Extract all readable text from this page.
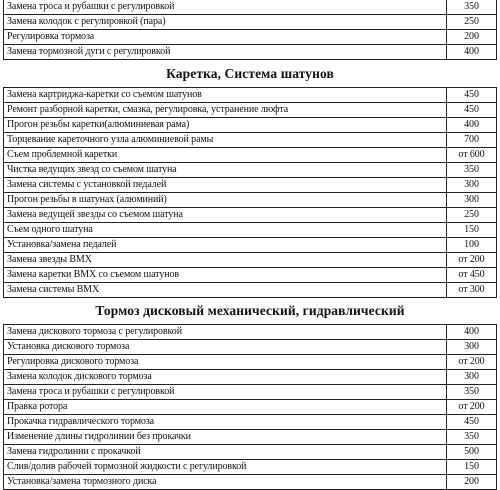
Замена троса и рубашки с регулировкой	350
Замена колодок с регулировкой (пара)	250
Регулировка тормоза	200
Замена тормозной дуги с регулировкой	400
Каретка, Система шатунов
Замена картриджа-каретки со съемом шатунов	450
Ремонт разборной каретки, смазка, регулировка, устранение люфта	450
Прогон резьбы каретки(алюминиевая рама)	400
Торцевание кареточного узла алюминиевой рамы	700
Съем проблемной каретки	от 600
Чистка ведущих звезд со съемом шатуна	350
Замена системы с установкой педалей	300
Прогон резьбы в шатунах (алюминий)	300
Замена ведущей звезды со съемом шатуна	250
Съем одного шатуна	150
Установка/замена педалей	100
Замена звезды BMX	от 200
Замена каретки BMX со съемом шатунов	от 450
Замена системы BMX	от 300
Тормоз дисковый механический, гидравлический
Замена дискового тормоза с регулировкой	400
Установка дискового тормоза	300
Регулировка дискового тормоза	от 200
Замена колодок дискового тормоза	300
Замена троса и рубашки с регулировкой	350
Правка ротора	от 200
Прокачка гидравлического тормоза	450
Изменение длины гидролинии без прокачки	350
Замена гидролинии с прокачкой	500
Слив/долив рабочей тормозной жидкости с регулировкой	150
Установка/замена тормозного диска	200
